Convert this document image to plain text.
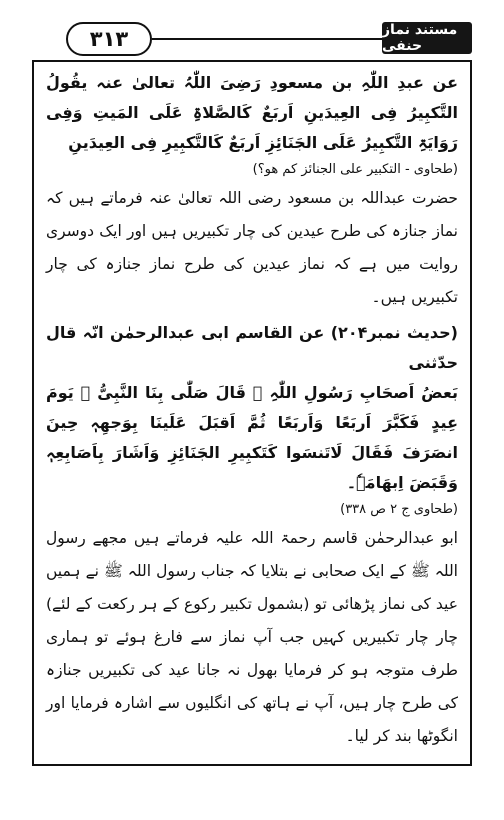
۳۱۳	مستند نماز حنفی

عن عبدِ اللّٰہِ بن مسعودِ رَضِیَ اللّٰہُ تعالیٰ عنہ یقُولُ التَّکبِیرُ فِی العِیدَینِ اَربَعٌ کَالصَّلاۃِ عَلَی المَیتِ وَفِی رَوَایَۃِ التَّکبِیرُ عَلَی الجَنَائِزِ اَربَعٌ کَالتَّکبِیرِ فِی العِیدَینِ

(طحاوی - التکبیر علی الجنائز کم ھو؟)

حضرت عبداللہ بن مسعود رضی اللہ تعالیٰ عنہ فرماتے ہیں کہ نماز جنازہ کی طرح عیدین کی چار تکبیریں ہیں اور ایک دوسری روایت میں ہے کہ نماز عیدین کی طرح نماز جنازہ کی چار تکبیریں ہیں۔

(حدیث نمبر۲۰۴) عن القاسم ابی عبدالرحمٰن انّہ قال حدّثنی

بَعضُ اَصحَابِ رَسُولِ اللّٰہِ ﷺ قَالَ صَلّٰی بِنَا النَّبِیُّ ﷺ یَومَ عِیدٍ فَکَبَّرَ اَربَعًا وَاَربَعًا ثُمَّ اَقبَلَ عَلَینَا بِوَجھِہٖ حِینَ انصَرَفَ فَقَالَ لَاتَنسَوا کَتَکبِیرِ الجَنَائِزِ وَاَشَارَ بِاَصَابِعِہٖ وَقَبَضَ اِبھَامَہٗ۔

(طحاوی ج ۲ ص ۳۳۸)

ابو عبدالرحمٰن قاسم رحمۃ اللہ علیہ فرماتے ہیں مجھے رسول اللہ ﷺ کے ایک صحابی نے بتلایا کہ جناب رسول اللہ ﷺ نے ہمیں عید کی نماز پڑھائی تو (بشمول تکبیر رکوع کے ہر رکعت کے لئے) چار چار تکبیریں کہیں جب آپ نماز سے فارغ ہوئے تو ہماری طرف متوجہ ہو کر فرمایا بھول نہ جانا عید کی تکبیریں جنازہ کی طرح چار ہیں، آپ نے ہاتھ کی انگلیوں سے اشارہ فرمایا اور انگوٹھا بند کر لیا۔
